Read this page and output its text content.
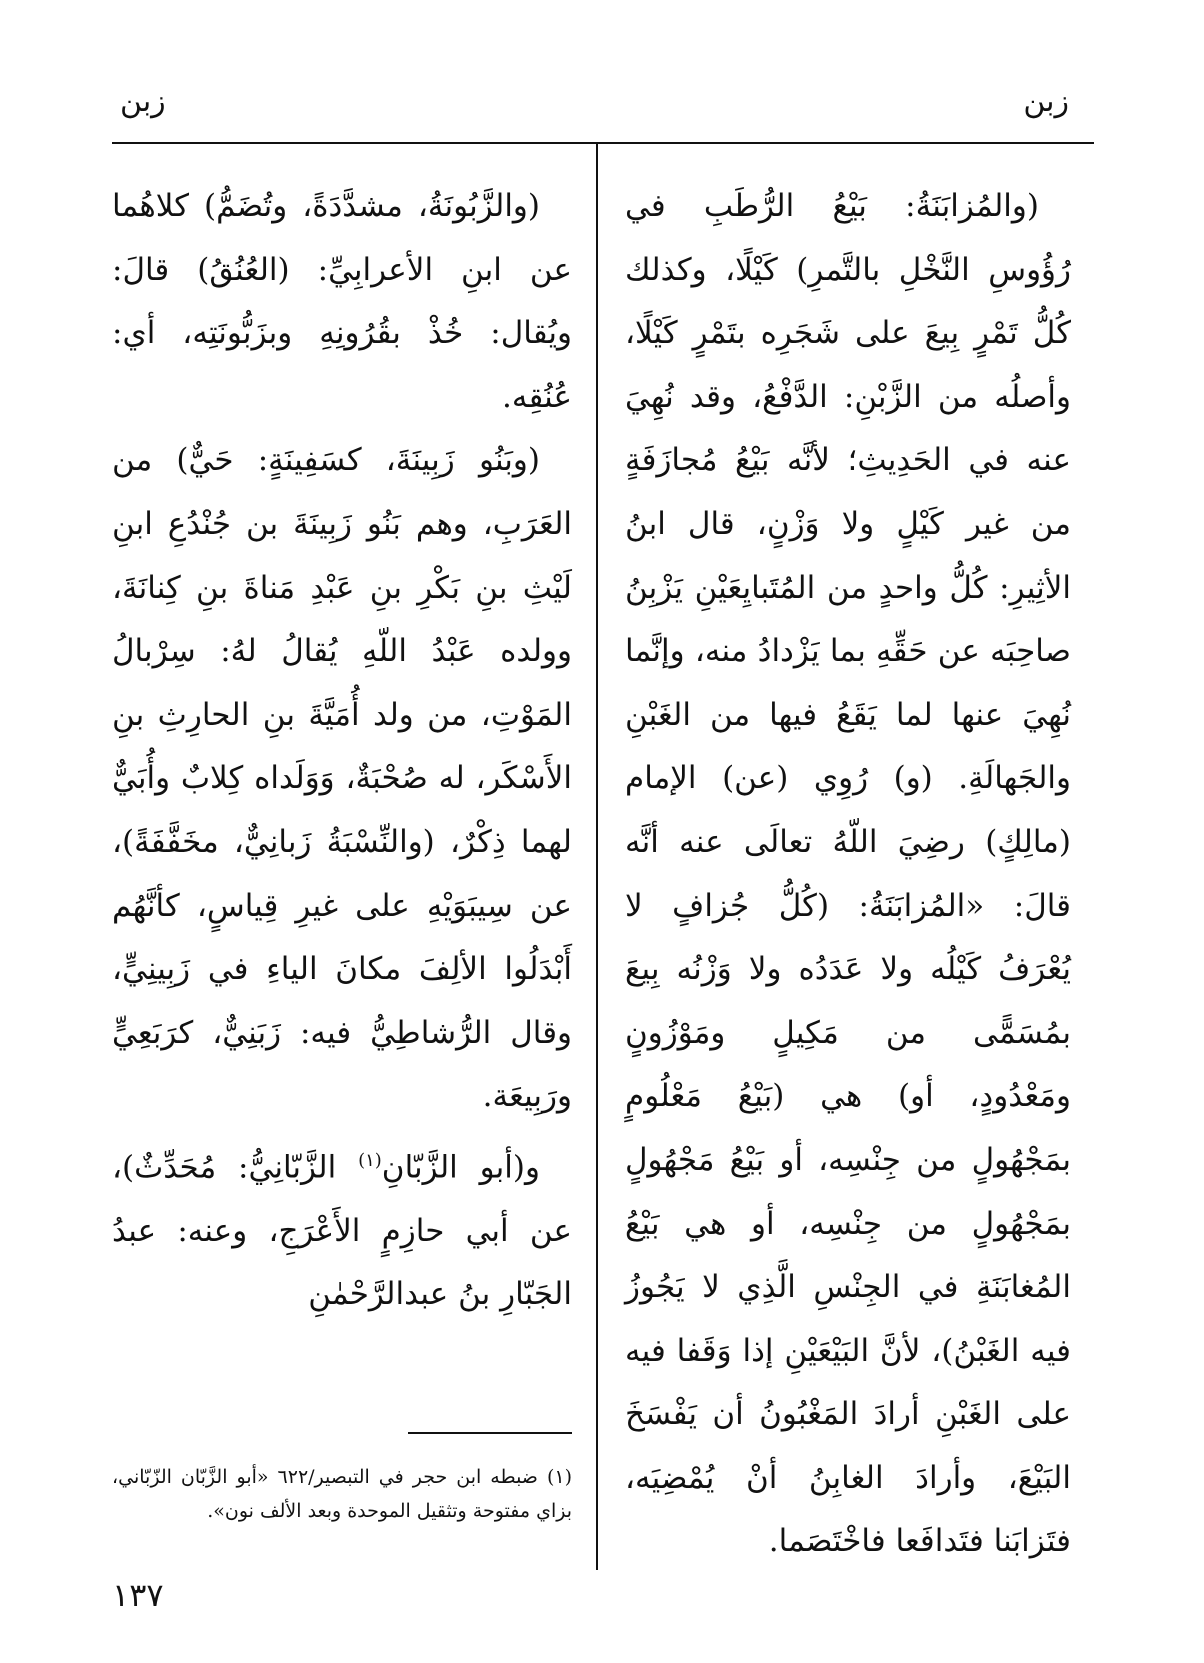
زبن
زبن

(والمُزابَنَةُ: بَيْعُ الرُّطَبِ في رُؤُوسِ النَّخْلِ بالتَّمرِ) كَيْلًا، وكذلك كُلُّ تَمْرٍ بِيعَ على شَجَرِه بتَمْرٍ كَيْلًا، وأصلُه من الزَّبْنِ: الدَّفْعُ، وقد نُهِيَ عنه في الحَدِيثِ؛ لأنَّه بَيْعُ مُجازَفَةٍ من غير كَيْلٍ ولا وَزْنٍ، قال ابنُ الأثِيرِ: كُلُّ واحدٍ من المُتَبايِعَيْنِ يَزْبِنُ صاحِبَه عن حَقِّهِ بما يَزْدادُ منه، وإنَّما نُهِيَ عنها لما يَقَعُ فيها من الغَبْنِ والجَهالَةِ. (و) رُوِي (عن) الإمام (مالِكٍ) رضِيَ اللّهُ تعالَى عنه أنَّه قالَ: «المُزابَنَةُ: (كُلُّ جُزافٍ لا يُعْرَفُ كَيْلُه ولا عَدَدُه ولا وَزْنُه بِيعَ بمُسَمًّى من مَكِيلٍ ومَوْزُونٍ ومَعْدُودٍ، أو) هي (بَيْعُ مَعْلُومٍ بمَجْهُولٍ من جِنْسِه، أو بَيْعُ مَجْهُولٍ بمَجْهُولٍ من جِنْسِه، أو هي بَيْعُ المُغابَنَةِ في الجِنْسِ الَّذِي لا يَجُوزُ فيه الغَبْنُ)، لأنَّ البَيْعَيْنِ إذا وَقَفا فيه على الغَبْنِ أرادَ المَغْبُونُ أن يَفْسَخَ البَيْعَ، وأرادَ الغابِنُ أنْ يُمْضِيَه، فتَزابَنا فتَدافَعا فاخْتَصَما.

(والزَّبُونَةُ، مشدَّدَةً، وتُضَمُّ) كلاهُما عن ابنِ الأعرابِيِّ: (العُنُقُ) قالَ: ويُقال: خُذْ بقُرُونِهِ وبزَبُّونَتِه، أي: عُنُقِه.

(وبَنُو زَبِينَةَ، كسَفِينَةٍ: حَيٌّ) من العَرَبِ، وهم بَنُو زَبِينَةَ بن جُنْدُعِ ابنِ لَيْثِ بنِ بَكْرِ بنِ عَبْدِ مَناةَ بنِ كِنانَةَ، وولده عَبْدُ اللّهِ يُقالُ لهُ: سِرْبالُ المَوْتِ، من ولد أُمَيَّةَ بنِ الحارِثِ بنِ الأَسْكَر، له صُحْبَةٌ، وَوَلَداه كِلابٌ وأُبَيٌّ لهما ذِكْرٌ، (والنِّسْبَةُ زَبانِيٌّ، مخَفَّفَةً)، عن سِيبَوَيْهِ على غيرِ قِياسٍ، كأنَّهُم أَبْدَلُوا الألِفَ مكانَ الياءِ في زَبِينِيٍّ، وقال الرُّشاطِيُّ فيه: زَبَنِيٌّ، كرَبَعِيٍّ ورَبِيعَة.

و(أبو الزَّبّانِ$^{(١)}$ الزَّبّانِيُّ: مُحَدِّثٌ)، عن أبي حازِمٍ الأَعْرَجِ، وعنه: عبدُ الجَبّارِ بنُ عبدالرَّحْمٰنِ

(١) ضبطه ابن حجر في التبصير/٦٢٢ «أبو الزَّبّان الزّبّاني، بزاي مفتوحة وتثقيل الموحدة وبعد الألف نون».
١٣٧
